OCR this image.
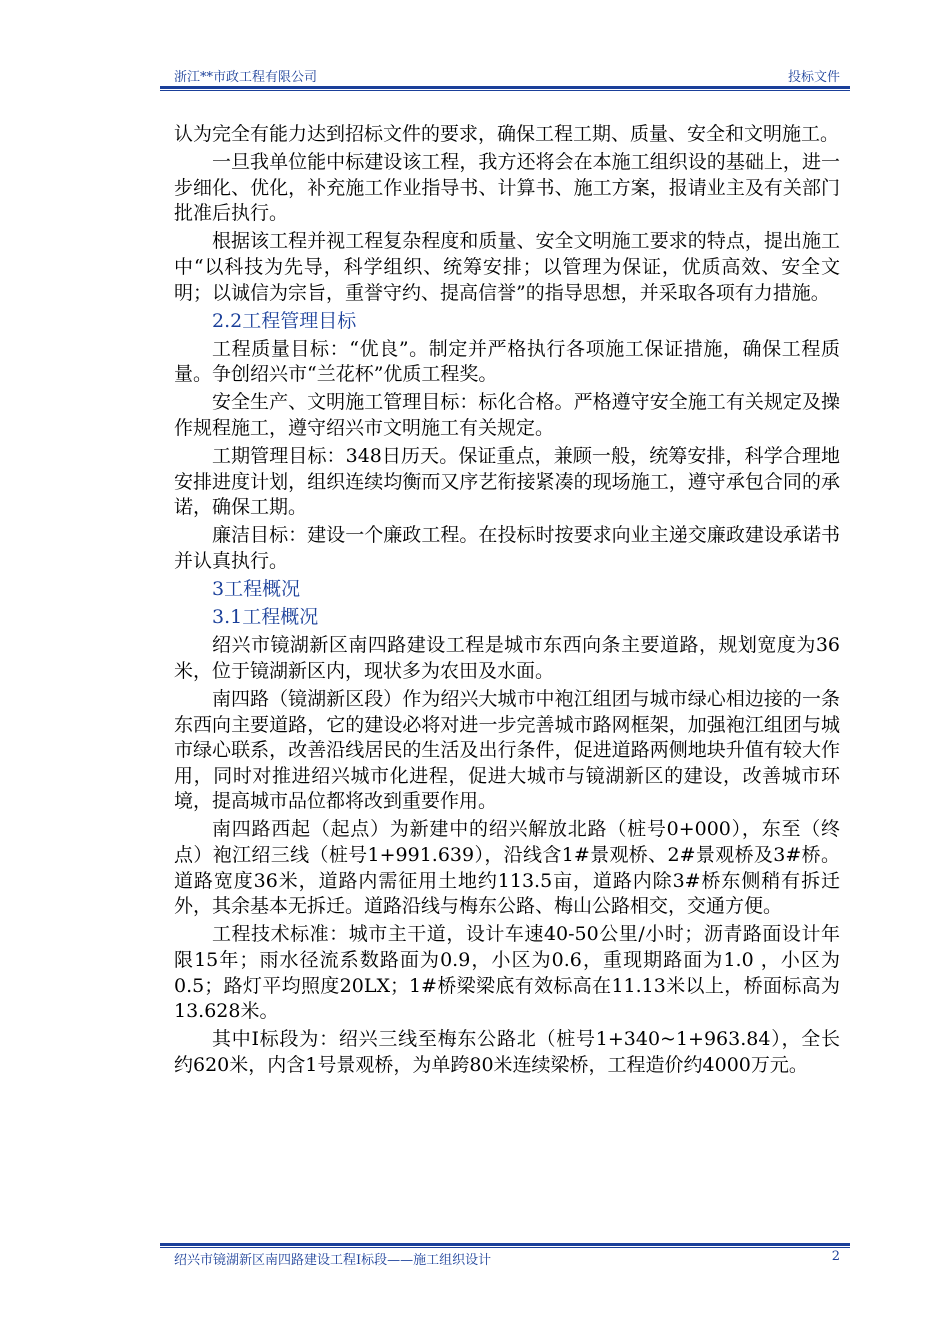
浙江**市政工程有限公司	投标文件

认为完全有能力达到招标文件的要求，确保工程工期、质量、安全和文明施工。

一旦我单位能中标建设该工程，我方还将会在本施工组织设的基础上，进一步细化、优化，补充施工作业指导书、计算书、施工方案，报请业主及有关部门批准后执行。

根据该工程并视工程复杂程度和质量、安全文明施工要求的特点，提出施工中“以科技为先导，科学组织、统筹安排；以管理为保证，优质高效、安全文明；以诚信为宗旨，重誉守约、提高信誉”的指导思想，并采取各项有力措施。

2.2工程管理目标

工程质量目标：“优良”。制定并严格执行各项施工保证措施，确保工程质量。争创绍兴市“兰花杯”优质工程奖。

安全生产、文明施工管理目标：标化合格。严格遵守安全施工有关规定及操作规程施工，遵守绍兴市文明施工有关规定。

工期管理目标：348日历天。保证重点，兼顾一般，统筹安排，科学合理地安排进度计划，组织连续均衡而又序艺衔接紧凑的现场施工，遵守承包合同的承诺，确保工期。

廉洁目标：建设一个廉政工程。在投标时按要求向业主递交廉政建设承诺书并认真执行。

3工程概况

3.1工程概况

绍兴市镜湖新区南四路建设工程是城市东西向条主要道路，规划宽度为36米，位于镜湖新区内，现状多为农田及水面。

南四路（镜湖新区段）作为绍兴大城市中袍江组团与城市绿心相边接的一条东西向主要道路，它的建设必将对进一步完善城市路网框架，加强袍江组团与城市绿心联系，改善沿线居民的生活及出行条件，促进道路两侧地块升值有较大作用，同时对推进绍兴城市化进程，促进大城市与镜湖新区的建设，改善城市环境，提高城市品位都将改到重要作用。

南四路西起（起点）为新建中的绍兴解放北路（桩号0+000），东至（终点）袍江绍三线（桩号1+991.639），沿线含1#景观桥、2#景观桥及3#桥。道路宽度36米，道路内需征用土地约113.5亩，道路内除3#桥东侧稍有拆迁外，其余基本无拆迁。道路沿线与梅东公路、梅山公路相交，交通方便。

工程技术标准：城市主干道，设计车速40-50公里/小时；沥青路面设计年限15年；雨水径流系数路面为0.9，小区为0.6，重现期路面为1.0 ，小区为0.5；路灯平均照度20LX；1#桥梁梁底有效标高在11.13米以上，桥面标高为13.628米。

其中Ⅰ标段为：绍兴三线至梅东公路北（桩号1+340~1+963.84），全长约620米，内含1号景观桥，为单跨80米连续梁桥，工程造价约4000万元。

绍兴市镜湖新区南四路建设工程Ⅰ标段——施工组织设计	2
